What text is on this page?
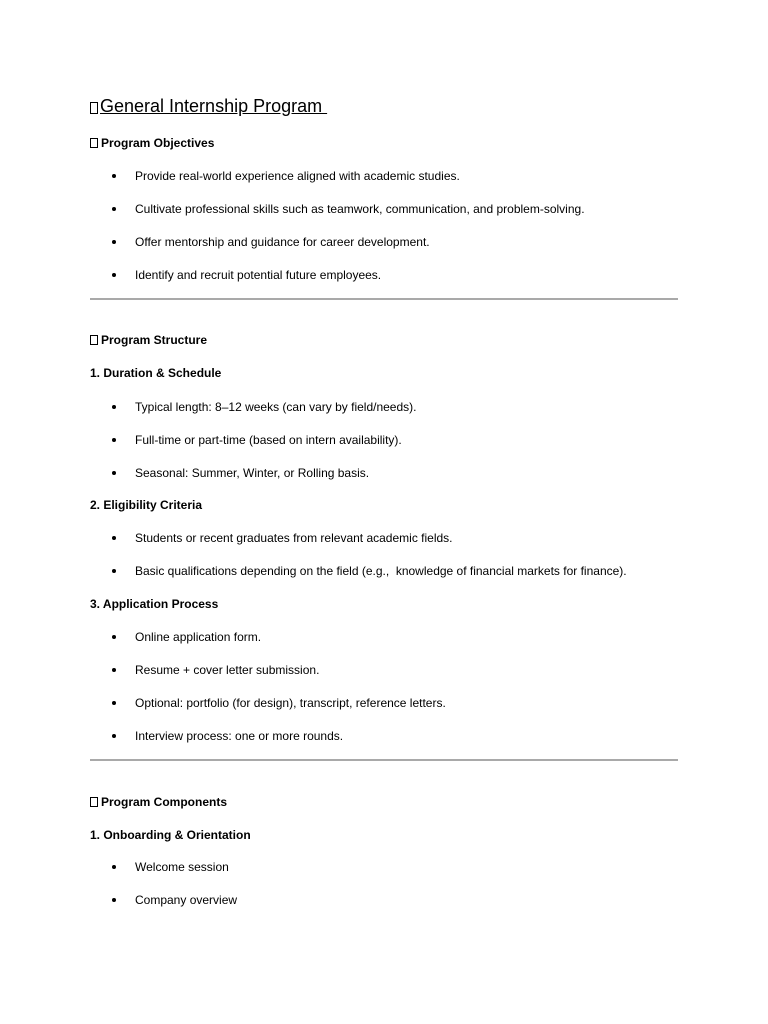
General Internship Program
Program Objectives
Provide real-world experience aligned with academic studies.
Cultivate professional skills such as teamwork, communication, and problem-solving.
Offer mentorship and guidance for career development.
Identify and recruit potential future employees.
Program Structure
1. Duration & Schedule
Typical length: 8–12 weeks (can vary by field/needs).
Full-time or part-time (based on intern availability).
Seasonal: Summer, Winter, or Rolling basis.
2. Eligibility Criteria
Students or recent graduates from relevant academic fields.
Basic qualifications depending on the field (e.g.,  knowledge of financial markets for finance).
3. Application Process
Online application form.
Resume + cover letter submission.
Optional: portfolio (for design), transcript, reference letters.
Interview process: one or more rounds.
Program Components
1. Onboarding & Orientation
Welcome session
Company overview
